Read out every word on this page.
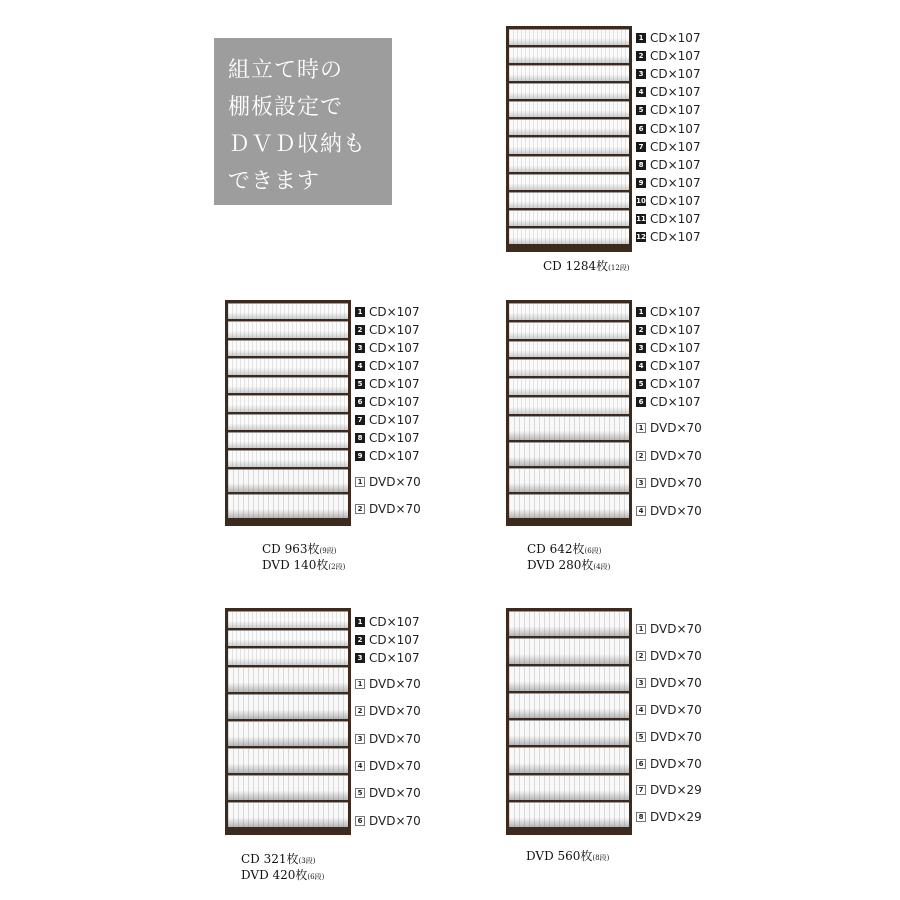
組立て時の
棚板設定で
ＤＶＤ収納も
できます
1 CD×107
2 CD×107
3 CD×107
4 CD×107
5 CD×107
6 CD×107
7 CD×107
8 CD×107
9 CD×107
10 CD×107
11 CD×107
12 CD×107
CD 1284枚(12段)
1 CD×107
2 CD×107
3 CD×107
4 CD×107
5 CD×107
6 CD×107
7 CD×107
8 CD×107
9 CD×107
1 DVD×70
2 DVD×70
CD 963枚(9段)
DVD 140枚(2段)
1 CD×107
2 CD×107
3 CD×107
4 CD×107
5 CD×107
6 CD×107
1 DVD×70
2 DVD×70
3 DVD×70
4 DVD×70
CD 642枚(6段)
DVD 280枚(4段)
1 CD×107
2 CD×107
3 CD×107
1 DVD×70
2 DVD×70
3 DVD×70
4 DVD×70
5 DVD×70
6 DVD×70
CD 321枚(3段)
DVD 420枚(6段)
1 DVD×70
2 DVD×70
3 DVD×70
4 DVD×70
5 DVD×70
6 DVD×70
7 DVD×29
8 DVD×29
DVD 560枚(8段)
